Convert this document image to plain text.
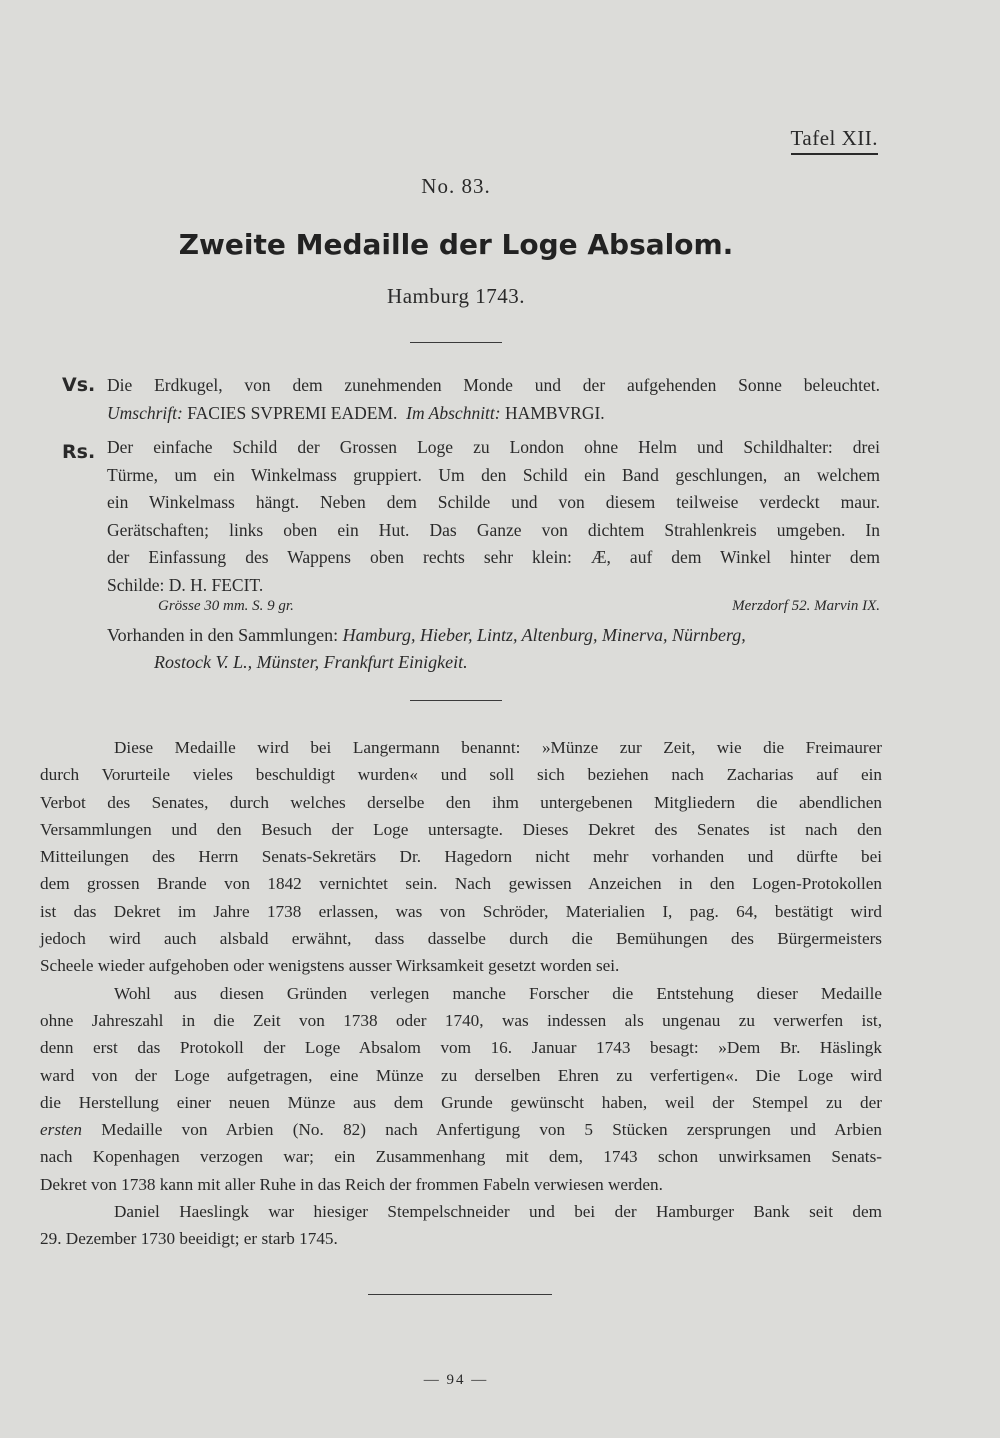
Tafel XII.
No. 83.
Zweite Medaille der Loge Absalom.
Hamburg 1743.
Vs. Die Erdkugel, von dem zunehmenden Monde und der aufgehenden Sonne beleuchtet.
Umschrift: FACIES SVPREMI EADEM. Im Abschnitt: HAMBVRGI.
Rs. Der einfache Schild der Grossen Loge zu London ohne Helm und Schildhalter: drei
Türme, um ein Winkelmass gruppiert. Um den Schild ein Band geschlungen, an welchem
ein Winkelmass hängt. Neben dem Schilde und von diesem teilweise verdeckt maur.
Gerätschaften; links oben ein Hut. Das Ganze von dichtem Strahlenkreis umgeben. In
der Einfassung des Wappens oben rechts sehr klein: Æ, auf dem Winkel hinter dem
Schilde: D. H. FECIT.
Grösse 30 mm. S. 9 gr.	Merzdorf 52. Marvin IX.
Vorhanden in den Sammlungen: Hamburg, Hieber, Lintz, Altenburg, Minerva, Nürnberg,
Rostock V. L., Münster, Frankfurt Einigkeit.
Diese Medaille wird bei Langermann benannt: »Münze zur Zeit, wie die Freimaurer
durch Vorurteile vieles beschuldigt wurden« und soll sich beziehen nach Zacharias auf ein
Verbot des Senates, durch welches derselbe den ihm untergebenen Mitgliedern die abendlichen
Versammlungen und den Besuch der Loge untersagte. Dieses Dekret des Senates ist nach den
Mitteilungen des Herrn Senats-Sekretärs Dr. Hagedorn nicht mehr vorhanden und dürfte bei
dem grossen Brande von 1842 vernichtet sein. Nach gewissen Anzeichen in den Logen-Protokollen
ist das Dekret im Jahre 1738 erlassen, was von Schröder, Materialien I, pag. 64, bestätigt wird
jedoch wird auch alsbald erwähnt, dass dasselbe durch die Bemühungen des Bürgermeisters
Scheele wieder aufgehoben oder wenigstens ausser Wirksamkeit gesetzt worden sei.
Wohl aus diesen Gründen verlegen manche Forscher die Entstehung dieser Medaille
ohne Jahreszahl in die Zeit von 1738 oder 1740, was indessen als ungenau zu verwerfen ist,
denn erst das Protokoll der Loge Absalom vom 16. Januar 1743 besagt: »Dem Br. Häslingk
ward von der Loge aufgetragen, eine Münze zu derselben Ehren zu verfertigen«. Die Loge wird
die Herstellung einer neuen Münze aus dem Grunde gewünscht haben, weil der Stempel zu der
ersten Medaille von Arbien (No. 82) nach Anfertigung von 5 Stücken zersprungen und Arbien
nach Kopenhagen verzogen war; ein Zusammenhang mit dem, 1743 schon unwirksamen Senats-
Dekret von 1738 kann mit aller Ruhe in das Reich der frommen Fabeln verwiesen werden.
Daniel Haeslingk war hiesiger Stempelschneider und bei der Hamburger Bank seit dem
29. Dezember 1730 beeidigt; er starb 1745.
— 94 —
